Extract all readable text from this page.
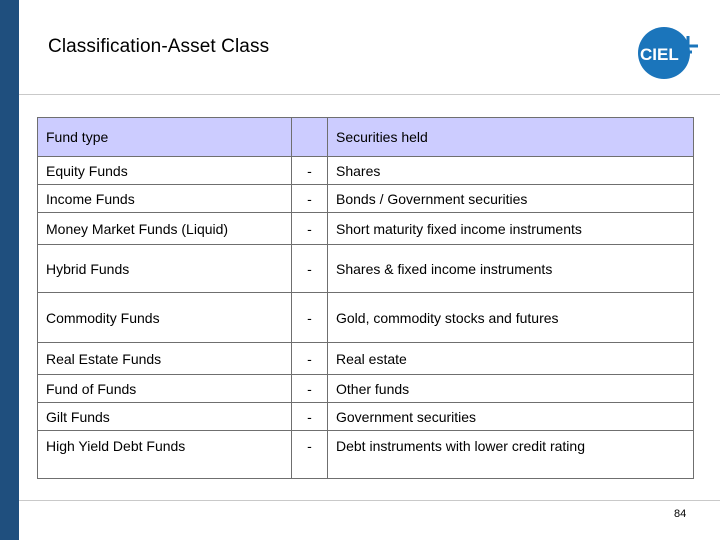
Classification-Asset Class	CIEL
Fund type		Securities held
Equity Funds	-	Shares
Income Funds	-	Bonds / Government securities
Money Market Funds (Liquid)	-	Short maturity fixed income instruments
Hybrid Funds	-	Shares & fixed income instruments
Commodity Funds	-	Gold, commodity stocks and futures
Real Estate Funds	-	Real estate
Fund of Funds	-	Other funds
Gilt Funds	-	Government securities
High Yield Debt Funds	-	Debt instruments with lower credit rating
84
